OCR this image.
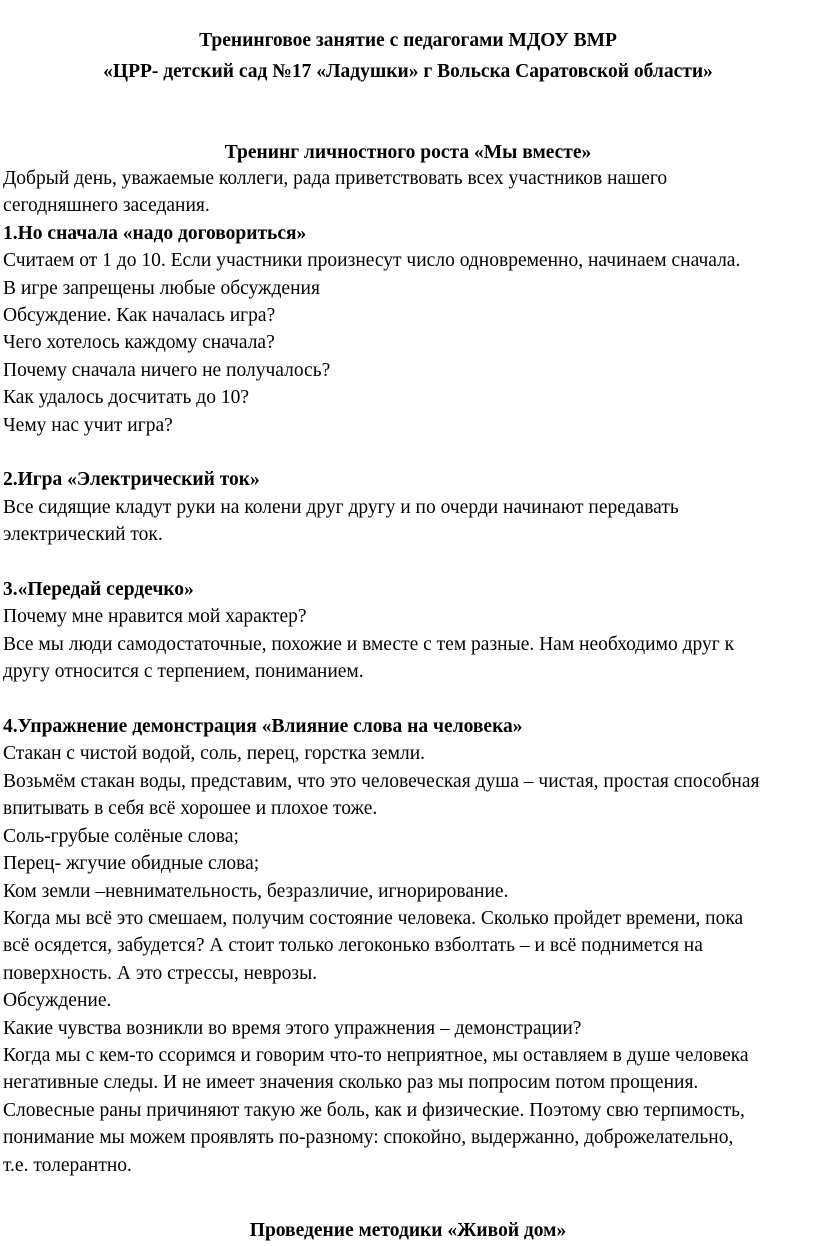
Тренинговое занятие с педагогами МДОУ ВМР
«ЦРР- детский сад №17 «Ладушки» г Вольска Саратовской области»
Тренинг личностного роста «Мы вместе»

Добрый день, уважаемые коллеги, рада приветствовать всех участников нашего

сегодняшнего заседания.

1.Но сначала «надо договориться»

Считаем от 1 до 10. Если участники произнесут число одновременно, начинаем сначала.

В игре запрещены любые обсуждения

Обсуждение. Как началась игра?

Чего хотелось каждому сначала?

Почему сначала ничего не получалось?

Как удалось досчитать до 10?

Чему нас учит игра?

2.Игра «Электрический ток»

Все сидящие кладут руки на колени друг другу и по очерди начинают передавать

электрический ток.

3.«Передай сердечко»

Почему мне нравится мой характер?

Все мы люди самодостаточные, похожие и вместе с тем разные. Нам необходимо друг к

другу относится с терпением, пониманием.

4.Упражнение демонстрация «Влияние слова на человека»

Стакан с чистой водой, соль, перец, горстка земли.

Возьмём стакан воды, представим, что это человеческая душа – чистая, простая способная

впитывать в себя всё хорошее и плохое тоже.

Соль-грубые солёные слова;

Перец- жгучие обидные слова;

Ком земли –невнимательность, безразличие, игнорирование.

Когда мы всё это смешаем, получим состояние человека. Сколько пройдет времени, пока

всё осядется, забудется? А стоит только легоконько взболтать – и всё поднимется на

поверхность. А это стрессы, неврозы.

Обсуждение.

Какие чувства возникли во время этого упражнения – демонстрации?

Когда мы с кем-то ссоримся и говорим что-то неприятное, мы оставляем в душе человека

негативные следы. И не имеет значения сколько раз мы попросим потом прощения.

Словесные раны причиняют такую же боль, как и физические. Поэтому свю терпимость,

понимание мы можем проявлять по-разному: спокойно, выдержанно, доброжелательно,

т.е. толерантно.

Проведение методики «Живой дом»
